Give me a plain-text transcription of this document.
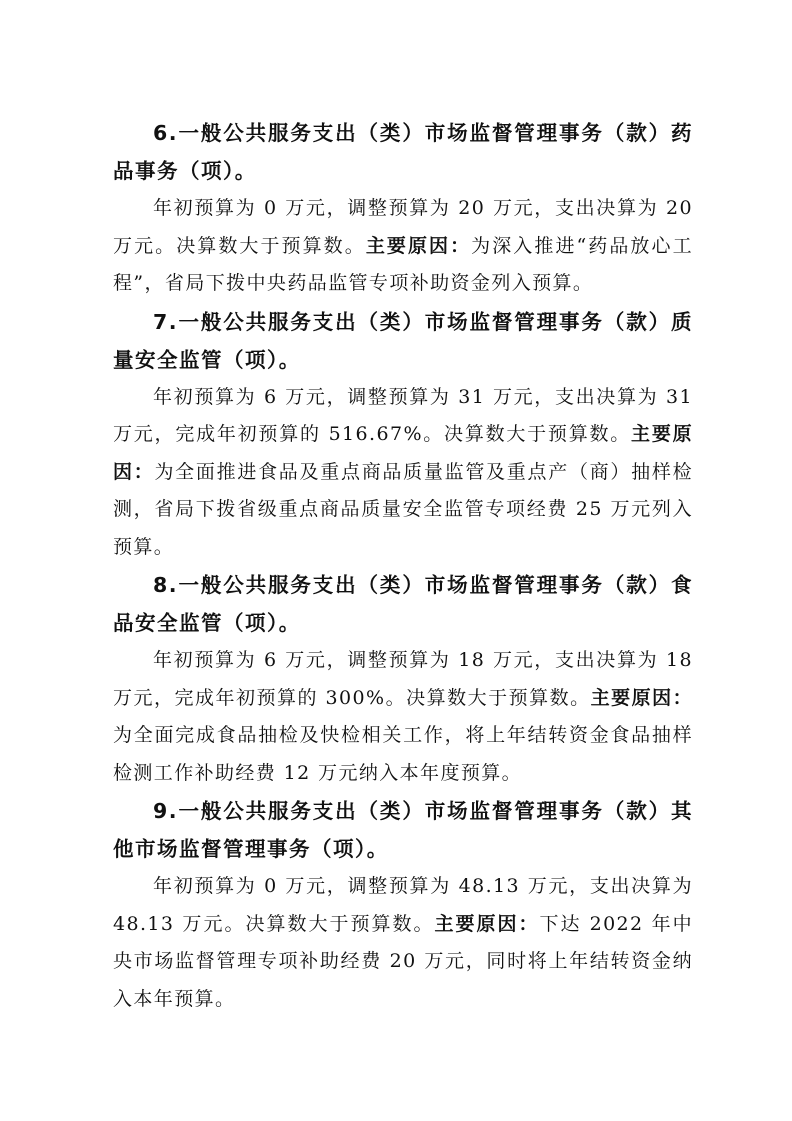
6.一般公共服务支出（类）市场监督管理事务（款）药品事务（项）。

年初预算为 0 万元，调整预算为 20 万元，支出决算为 20 万元。决算数大于预算数。主要原因：为深入推进“药品放心工程”，省局下拨中央药品监管专项补助资金列入预算。

7.一般公共服务支出（类）市场监督管理事务（款）质量安全监管（项）。

年初预算为 6 万元，调整预算为 31 万元，支出决算为 31 万元，完成年初预算的 516.67%。决算数大于预算数。主要原因：为全面推进食品及重点商品质量监管及重点产（商）抽样检测，省局下拨省级重点商品质量安全监管专项经费 25 万元列入预算。

8.一般公共服务支出（类）市场监督管理事务（款）食品安全监管（项）。

年初预算为 6 万元，调整预算为 18 万元，支出决算为 18 万元，完成年初预算的 300%。决算数大于预算数。主要原因：为全面完成食品抽检及快检相关工作，将上年结转资金食品抽样检测工作补助经费 12 万元纳入本年度预算。

9.一般公共服务支出（类）市场监督管理事务（款）其他市场监督管理事务（项）。

年初预算为 0 万元，调整预算为 48.13 万元，支出决算为 48.13 万元。决算数大于预算数。主要原因：下达 2022 年中央市场监督管理专项补助经费 20 万元，同时将上年结转资金纳入本年预算。
